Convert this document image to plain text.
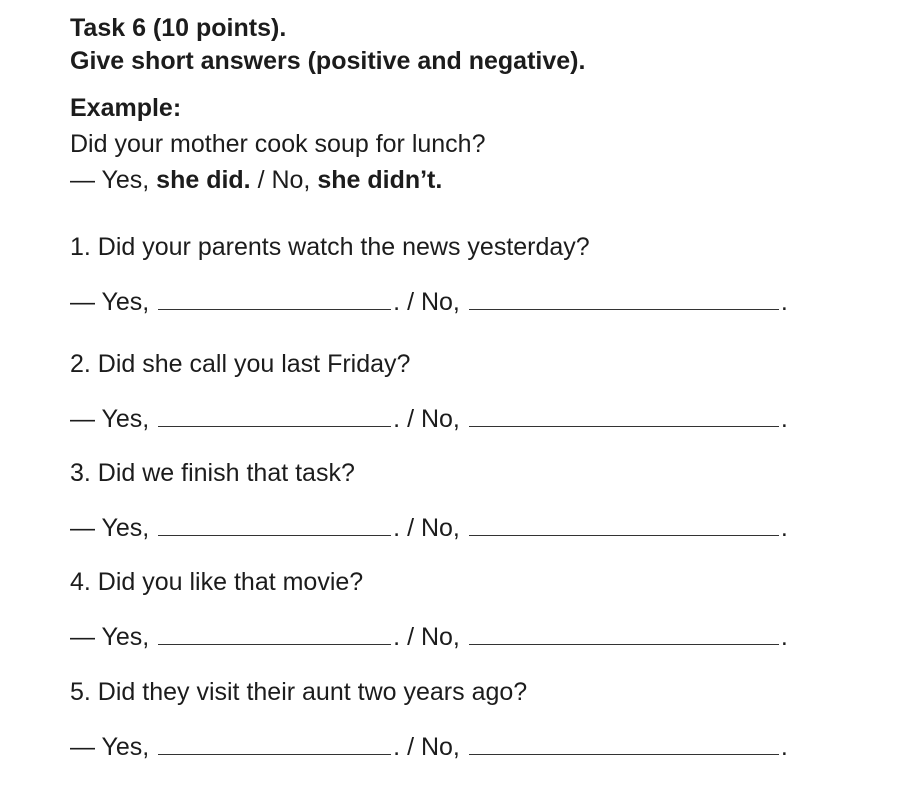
Task 6 (10 points).
Give short answers (positive and negative).
Example:
Did your mother cook soup for lunch?
— Yes, she did. / No, she didn’t.
1. Did your parents watch the news yesterday?
— Yes,	. / No,	.
2. Did she call you last Friday?
— Yes,	. / No,	.
3. Did we finish that task?
— Yes,	. / No,	.
4. Did you like that movie?
— Yes,	. / No,	.
5. Did they visit their aunt two years ago?
— Yes,	. / No,	.
